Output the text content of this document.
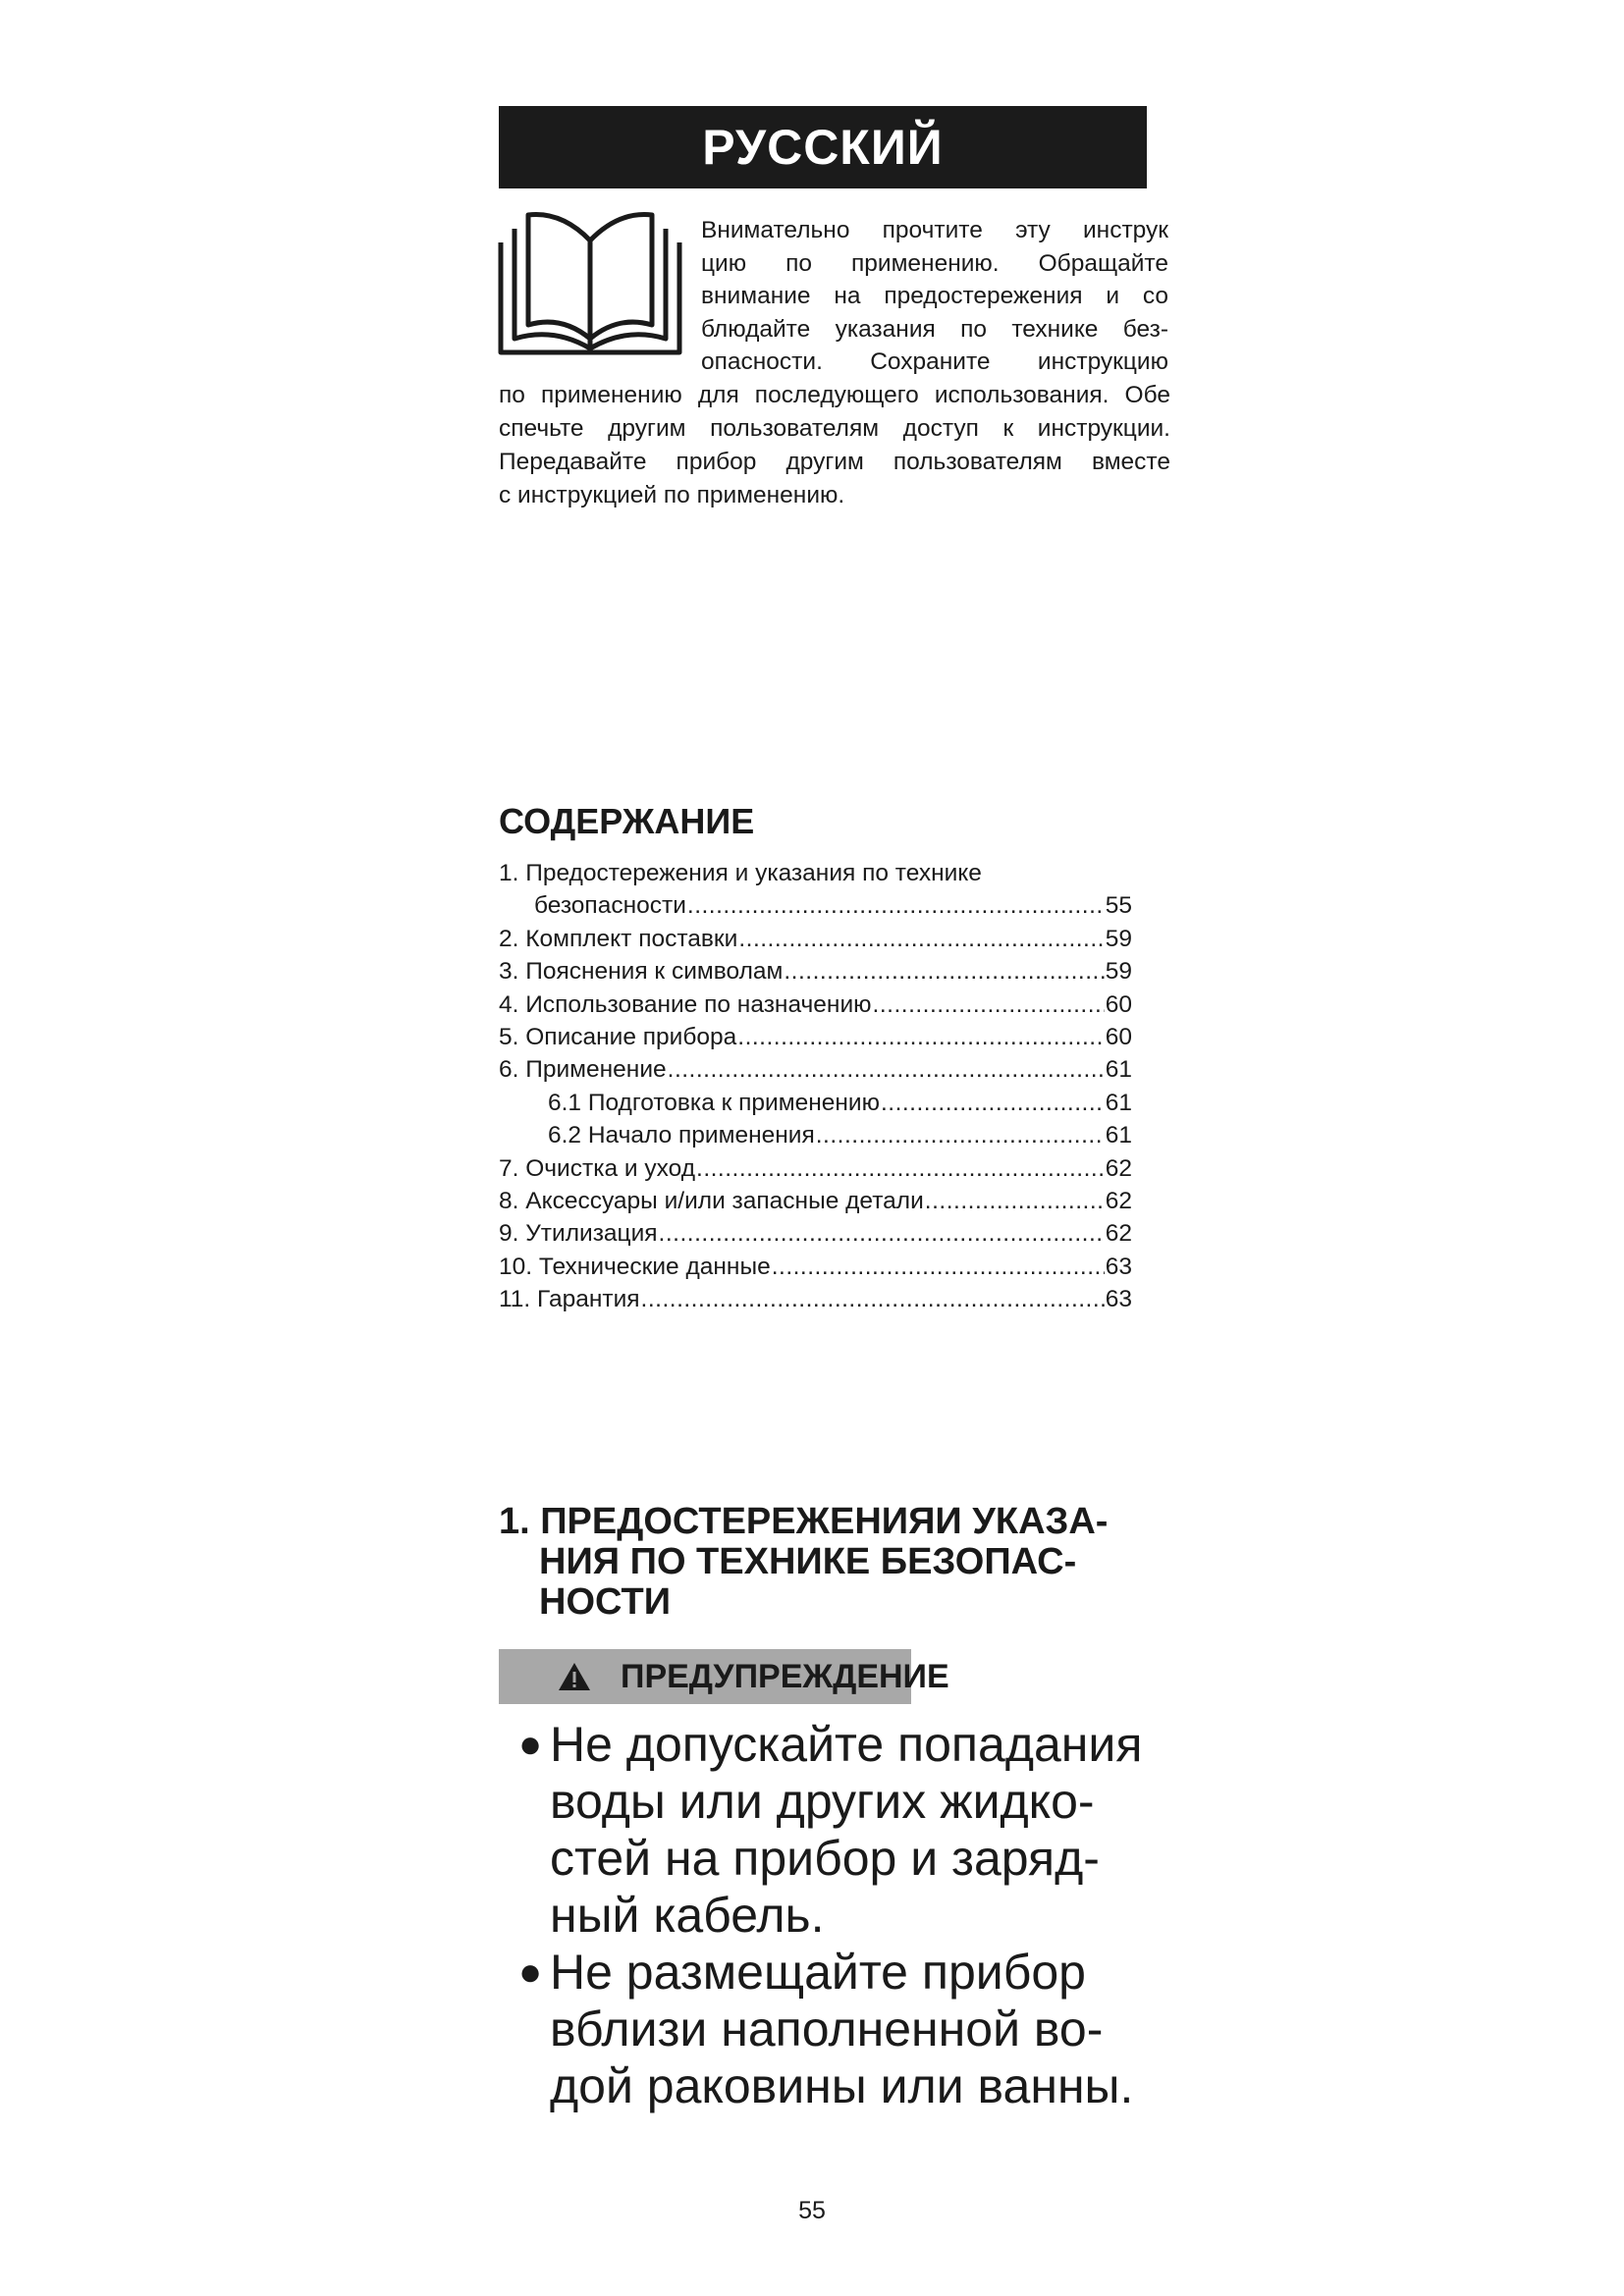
РУССКИЙ
Внимательно прочтите эту инструк
цию по применению. Обращайте
внимание на предостережения и со
блюдайте указания по технике без-
опасности. Сохраните инструкцию
по применению для последующего использования. Обе
спечьте другим пользователям доступ к инструкции.
Передавайте прибор другим пользователям вместе
с инструкцией по применению.
СОДЕРЖАНИЕ
1. Предостережения и указания по технике
безопасности .....	55
2. Комплект поставки .....	59
3. Пояснения к символам .....	59
4. Использование по назначению .....	60
5. Описание прибора .....	60
6. Применение .....	61
6.1 Подготовка к применению .....	61
6.2 Начало применения .....	61
7. Очистка и уход .....	62
8. Аксессуары и/или запасные детали .....	62
9. Утилизация .....	62
10. Технические данные .....	63
11. Гарантия .....	63
1. ПРЕДОСТЕРЕЖЕНИЯИ УКАЗА-
НИЯ ПО ТЕХНИКЕ БЕЗОПАС-
НОСТИ
ПРЕДУПРЕЖДЕНИЕ
● Не допускайте попадания
воды или других жидко-
стей на прибор и заряд-
ный кабель.
● Не размещайте прибор
вблизи наполненной во-
дой раковины или ванны.
55
